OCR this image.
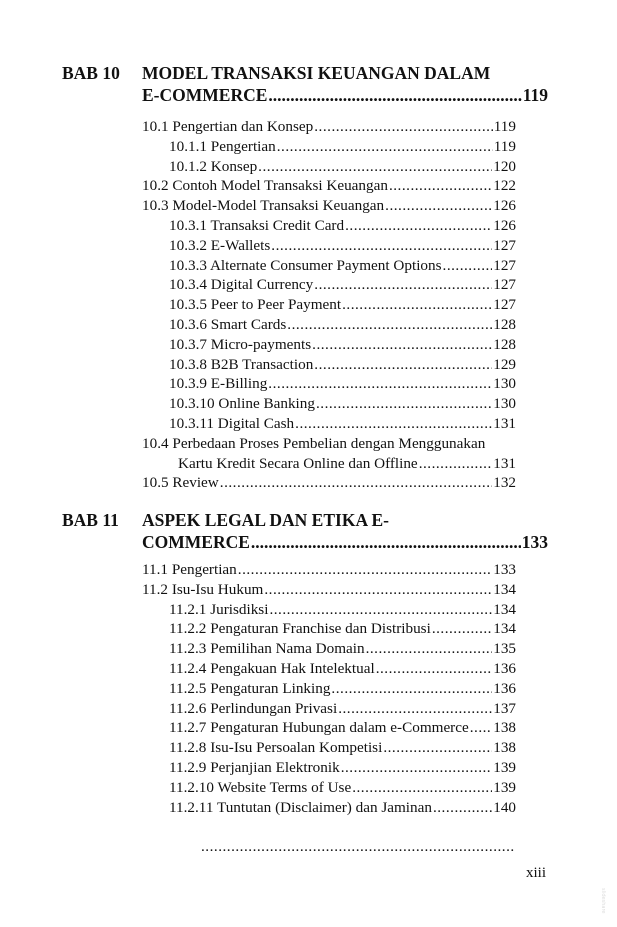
BAB 10 MODEL TRANSAKSI KEUANGAN DALAM
E-COMMERCE .....	119
10.1 Pengertian dan Konsep .....	119
10.1.1 Pengertian .....	119
10.1.2 Konsep .....	120
10.2 Contoh Model Transaksi Keuangan .....	122
10.3 Model-Model Transaksi Keuangan .....	126
10.3.1 Transaksi Credit Card .....	126
10.3.2 E-Wallets .....	127
10.3.3 Alternate Consumer Payment Options .....	127
10.3.4 Digital Currency .....	127
10.3.5 Peer to Peer Payment .....	127
10.3.6 Smart Cards .....	128
10.3.7 Micro-payments .....	128
10.3.8 B2B Transaction .....	129
10.3.9 E-Billing .....	130
10.3.10 Online Banking .....	130
10.3.11 Digital Cash .....	131
10.4 Perbedaan Proses Pembelian dengan Menggunakan
Kartu Kredit Secara Online dan Offline .....	131
10.5 Review .....	132
BAB 11 ASPEK LEGAL DAN ETIKA E-
COMMERCE .....	133
11.1 Pengertian .....	133
11.2 Isu-Isu Hukum .....	134
11.2.1 Jurisdiksi .....	134
11.2.2 Pengaturan Franchise dan Distribusi .....	134
11.2.3 Pemilihan Nama Domain .....	135
11.2.4 Pengakuan Hak Intelektual .....	136
11.2.5 Pengaturan Linking .....	136
11.2.6 Perlindungan Privasi .....	137
11.2.7 Pengaturan Hubungan dalam e-Commerce ..... 138
11.2.8 Isu-Isu Persoalan Kompetisi .....	138
11.2.9 Perjanjian Elektronik .....	139
11.2.10 Website Terms of Use .....	139
11.2.11 Tuntutan (Disclaimer) dan Jaminan .....	140

.....
xiii
slideshare
